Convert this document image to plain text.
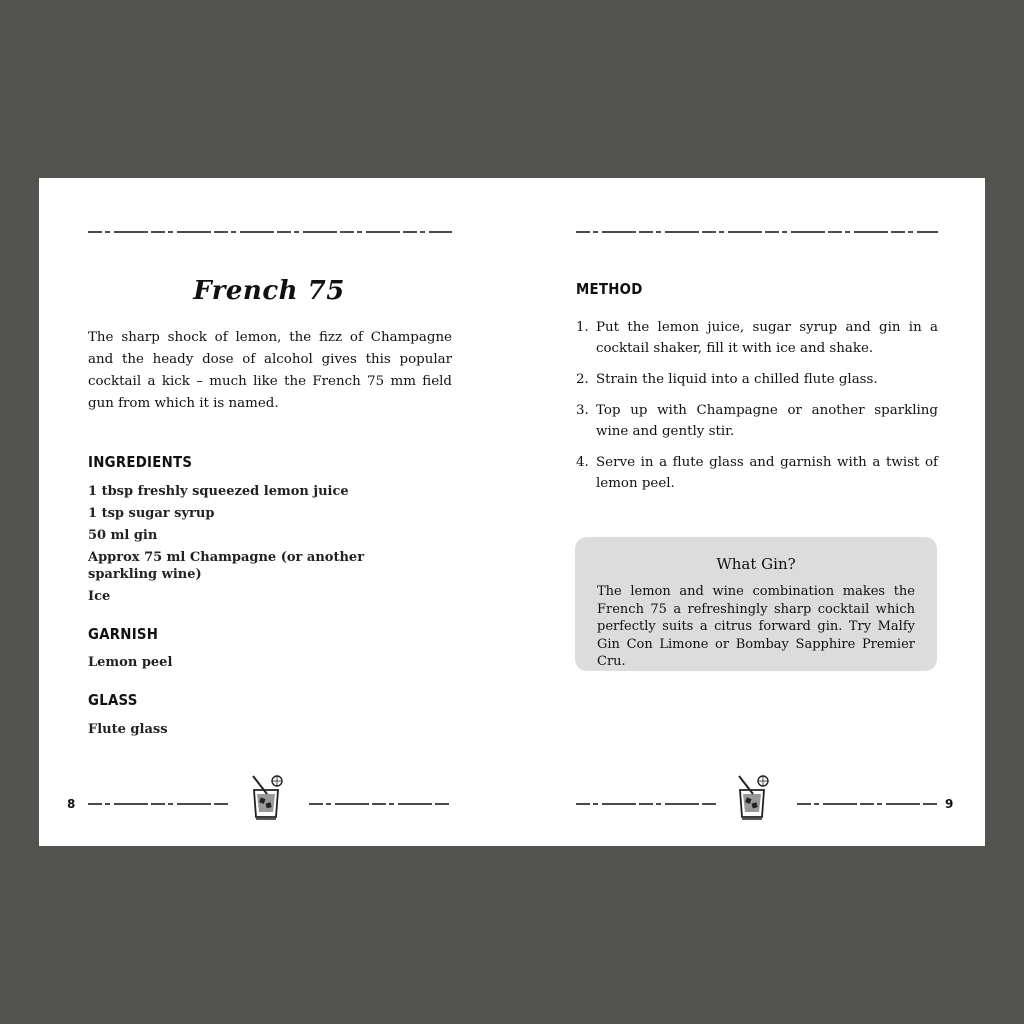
French 75

The sharp shock of lemon, the fizz of Champagne and the heady dose of alcohol gives this popular cocktail a kick – much like the French 75 mm field gun from which it is named.

INGREDIENTS
1 tbsp freshly squeezed lemon juice
1 tsp sugar syrup
50 ml gin
Approx 75 ml Champagne (or another sparkling wine)
Ice
GARNISH

Lemon peel

GLASS

Flute glass

8
METHOD
1. Put the lemon juice, sugar syrup and gin in a cocktail shaker, fill it with ice and shake.
2. Strain the liquid into a chilled flute glass.
3. Top up with Champagne or another sparkling wine and gently stir.
4. Serve in a flute glass and garnish with a twist of lemon peel.

What Gin?

The lemon and wine combination makes the French 75 a refreshingly sharp cocktail which perfectly suits a citrus forward gin. Try Malfy Gin Con Limone or Bombay Sapphire Premier Cru.

9
